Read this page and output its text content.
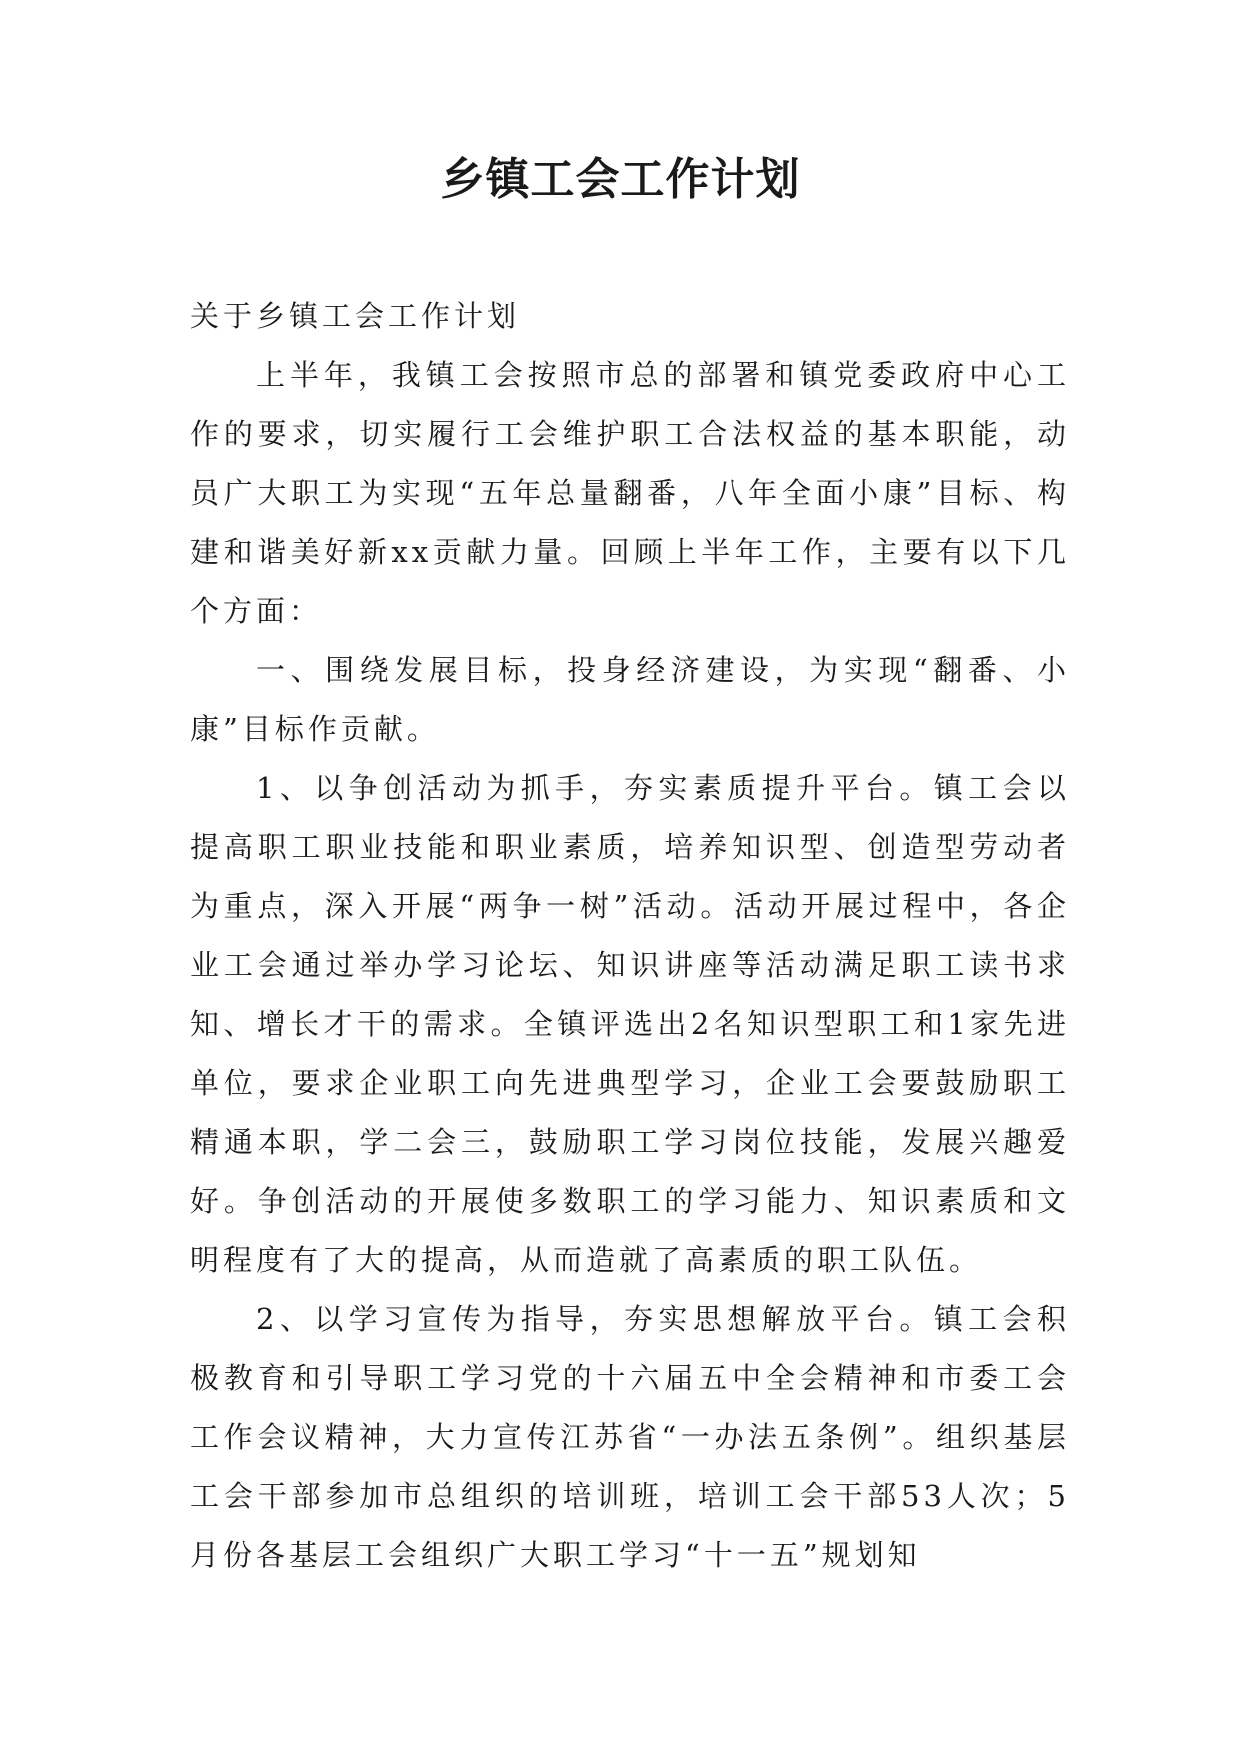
乡镇工会工作计划

关于乡镇工会工作计划

上半年，我镇工会按照市总的部署和镇党委政府中心工作的要求，切实履行工会维护职工合法权益的基本职能，动员广大职工为实现“五年总量翻番，八年全面小康”目标、构建和谐美好新xx贡献力量。回顾上半年工作，主要有以下几个方面：

一、围绕发展目标，投身经济建设，为实现“翻番、小康”目标作贡献。

1、以争创活动为抓手，夯实素质提升平台。镇工会以提高职工职业技能和职业素质，培养知识型、创造型劳动者为重点，深入开展“两争一树”活动。活动开展过程中，各企业工会通过举办学习论坛、知识讲座等活动满足职工读书求知、增长才干的需求。全镇评选出2名知识型职工和1家先进单位，要求企业职工向先进典型学习，企业工会要鼓励职工精通本职，学二会三，鼓励职工学习岗位技能，发展兴趣爱好。争创活动的开展使多数职工的学习能力、知识素质和文明程度有了大的提高，从而造就了高素质的职工队伍。

2、以学习宣传为指导，夯实思想解放平台。镇工会积极教育和引导职工学习党的十六届五中全会精神和市委工会工作会议精神，大力宣传江苏省“一办法五条例”。组织基层工会干部参加市总组织的培训班，培训工会干部53人次；5月份各基层工会组织广大职工学习“十一五”规划知
